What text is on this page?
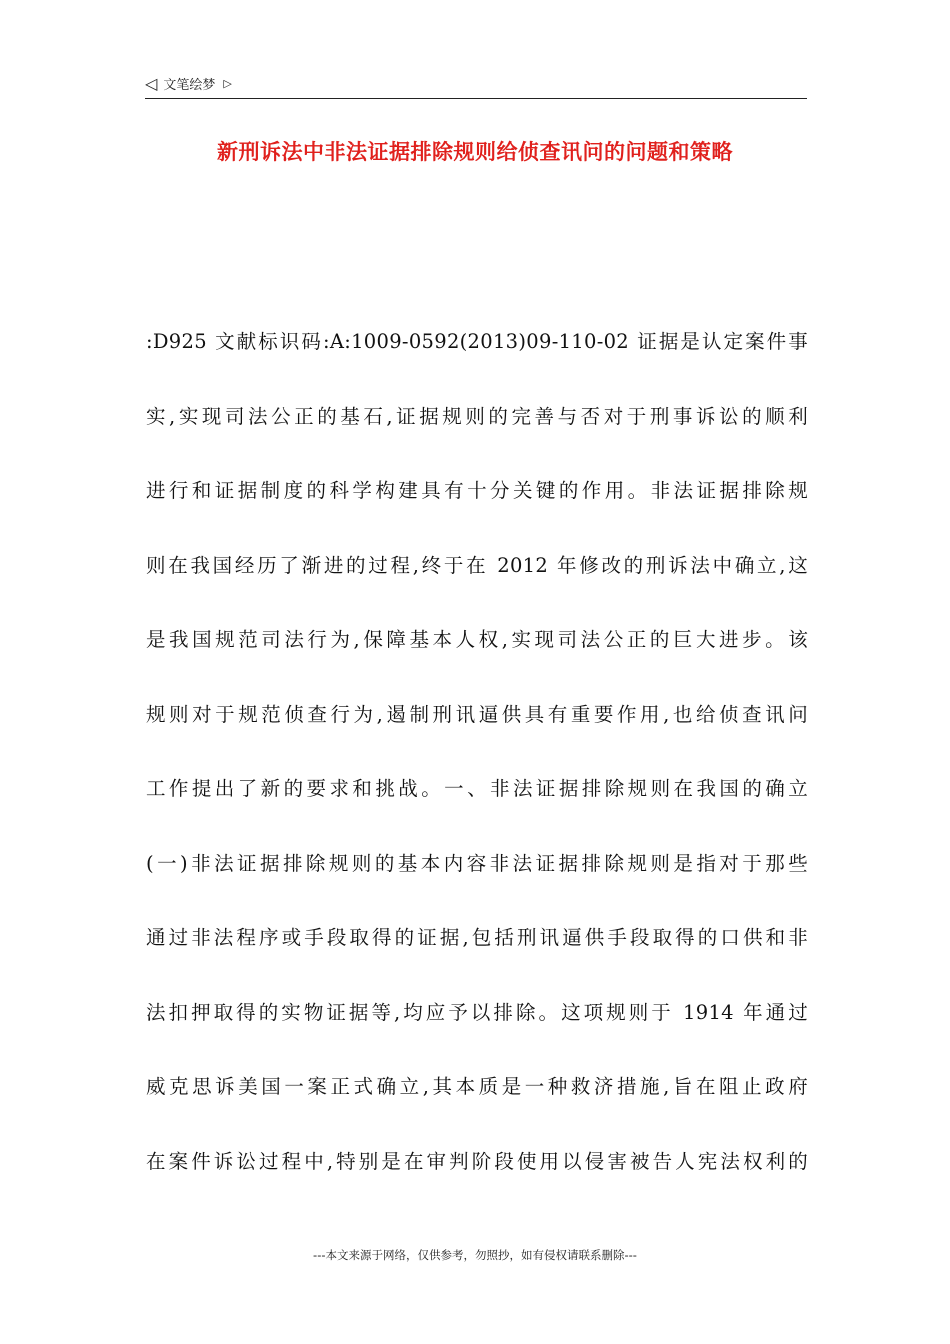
◁ 文笔绘梦 ▷
新刑诉法中非法证据排除规则给侦查讯问的问题和策略
:D925 文献标识码:A:1009-0592(2013)09-110-02 证据是认定案件事
实,实现司法公正的基石,证据规则的完善与否对于刑事诉讼的顺利
进行和证据制度的科学构建具有十分关键的作用。非法证据排除规
则在我国经历了渐进的过程,终于在 2012 年修改的刑诉法中确立,这
是我国规范司法行为,保障基本人权,实现司法公正的巨大进步。该
规则对于规范侦查行为,遏制刑讯逼供具有重要作用,也给侦查讯问
工作提出了新的要求和挑战。一、非法证据排除规则在我国的确立
(一)非法证据排除规则的基本内容非法证据排除规则是指对于那些
通过非法程序或手段取得的证据,包括刑讯逼供手段取得的口供和非
法扣押取得的实物证据等,均应予以排除。这项规则于 1914 年通过
威克思诉美国一案正式确立,其本质是一种救济措施,旨在阻止政府
在案件诉讼过程中,特别是在审判阶段使用以侵害被告人宪法权利的
---本文来源于网络，仅供参考，勿照抄，如有侵权请联系删除---
